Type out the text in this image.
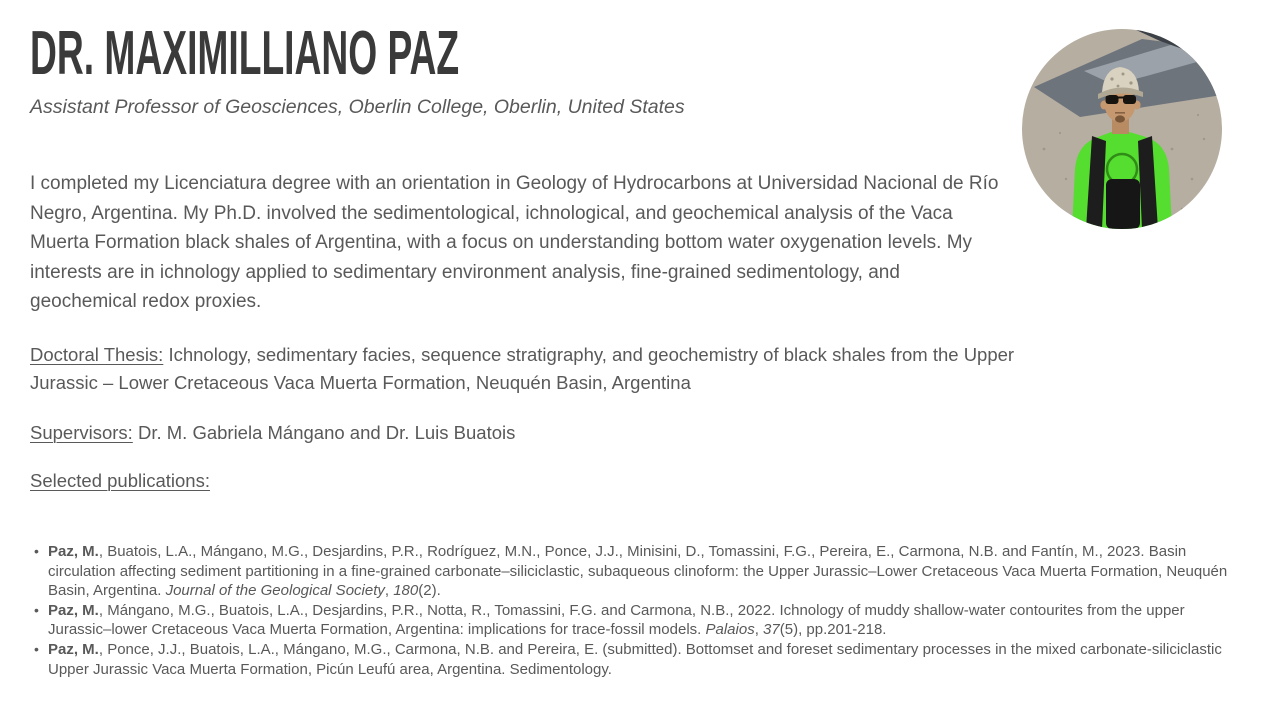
DR. MAXIMILLIANO PAZ
Assistant Professor of Geosciences, Oberlin College, Oberlin, United States

I completed my Licenciatura degree with an orientation in Geology of Hydrocarbons at Universidad Nacional de Río Negro, Argentina. My Ph.D. involved the sedimentological, ichnological, and geochemical analysis of the Vaca Muerta Formation black shales of Argentina, with a focus on understanding bottom water oxygenation levels. My interests are in ichnology applied to sedimentary environment analysis, fine-grained sedimentology, and geochemical redox proxies.

Doctoral Thesis: Ichnology, sedimentary facies, sequence stratigraphy, and geochemistry of black shales from the Upper Jurassic – Lower Cretaceous Vaca Muerta Formation, Neuquén Basin, Argentina

Supervisors: Dr. M. Gabriela Mángano and Dr. Luis Buatois

Selected publications:

• Paz, M., Buatois, L.A., Mángano, M.G., Desjardins, P.R., Rodríguez, M.N., Ponce, J.J., Minisini, D., Tomassini, F.G., Pereira, E., Carmona, N.B. and Fantín, M., 2023. Basin circulation affecting sediment partitioning in a fine-grained carbonate–siliciclastic, subaqueous clinoform: the Upper Jurassic–Lower Cretaceous Vaca Muerta Formation, Neuquén Basin, Argentina. Journal of the Geological Society, 180(2).
• Paz, M., Mángano, M.G., Buatois, L.A., Desjardins, P.R., Notta, R., Tomassini, F.G. and Carmona, N.B., 2022. Ichnology of muddy shallow-water contourites from the upper Jurassic–lower Cretaceous Vaca Muerta Formation, Argentina: implications for trace-fossil models. Palaios, 37(5), pp.201-218.
• Paz, M., Ponce, J.J., Buatois, L.A., Mángano, M.G., Carmona, N.B. and Pereira, E. (submitted). Bottomset and foreset sedimentary processes in the mixed carbonate-siliciclastic Upper Jurassic Vaca Muerta Formation, Picún Leufú area, Argentina. Sedimentology.
